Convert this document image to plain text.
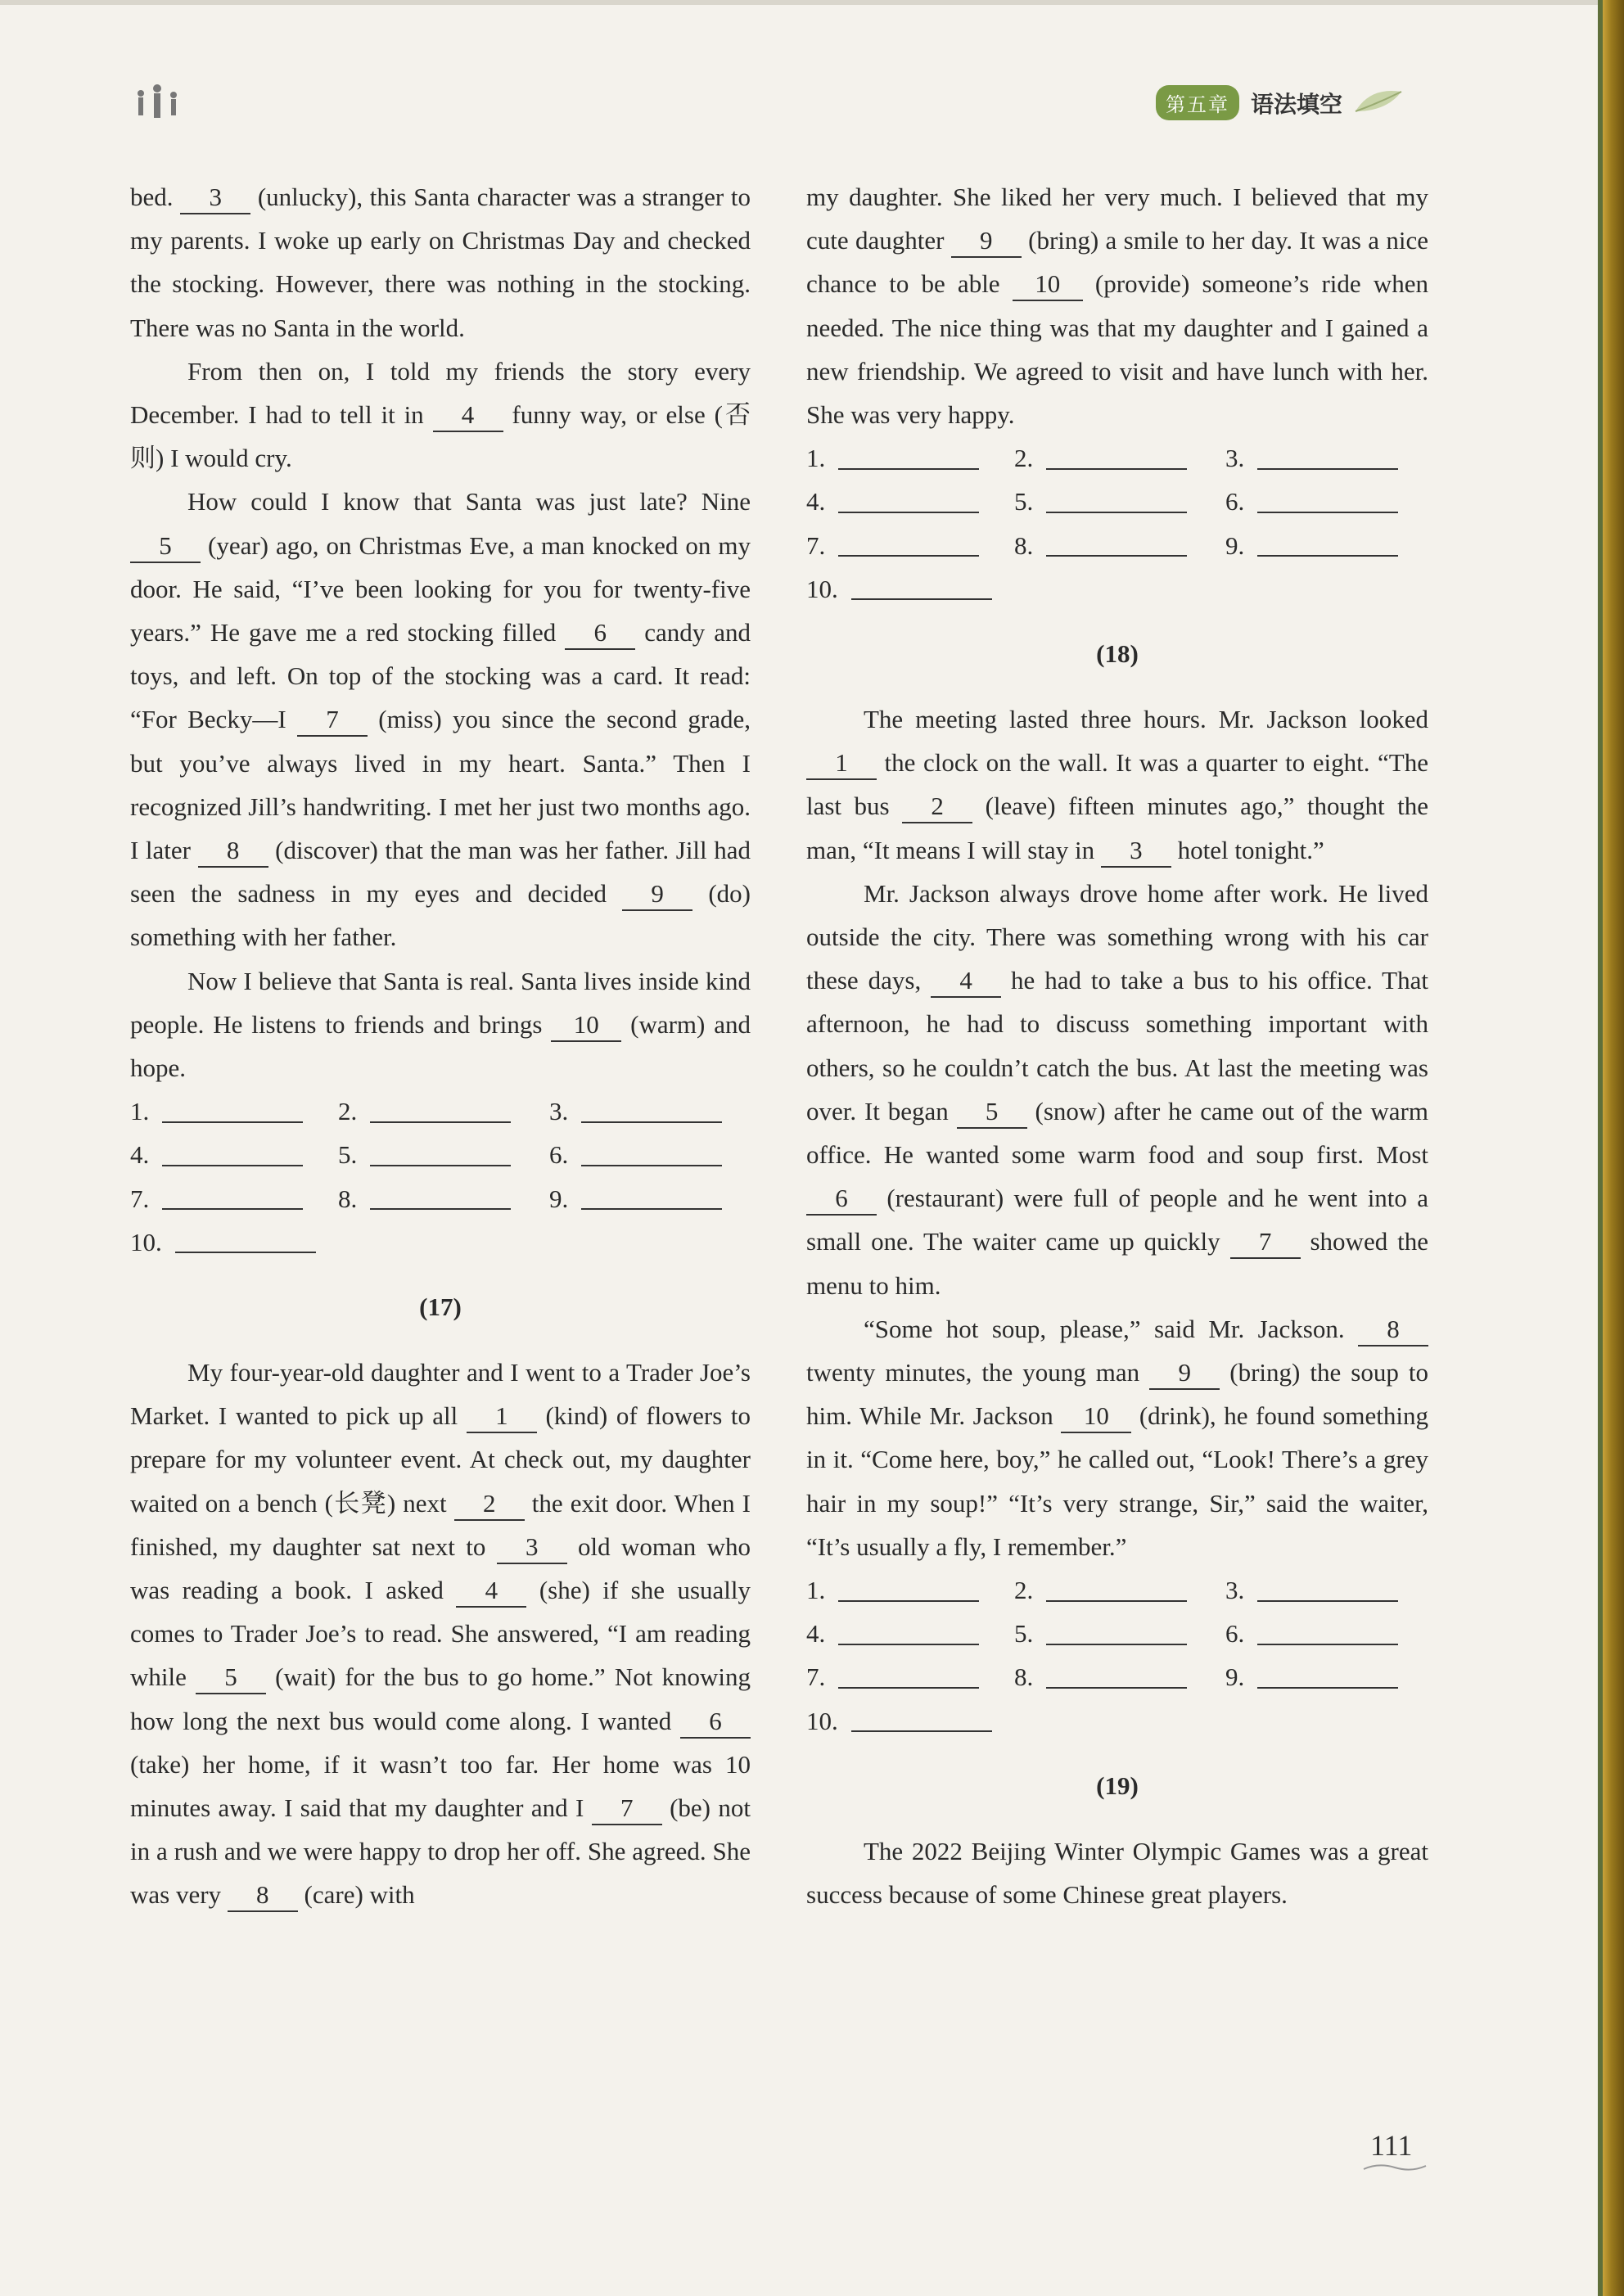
第五章 语法填空

bed. 3 (unlucky), this Santa character was a stranger to my parents. I woke up early on Christmas Day and checked the stocking. However, there was nothing in the stocking. There was no Santa in the world.

From then on, I told my friends the story every December. I had to tell it in 4 funny way, or else (否则) I would cry.

How could I know that Santa was just late? Nine 5 (year) ago, on Christmas Eve, a man knocked on my door. He said, “I’ve been looking for you for twenty-five years.” He gave me a red stocking filled 6 candy and toys, and left. On top of the stocking was a card. It read: “For Becky—I 7 (miss) you since the second grade, but you’ve always lived in my heart. Santa.” Then I recognized Jill’s handwriting. I met her just two months ago. I later 8 (discover) that the man was her father. Jill had seen the sadness in my eyes and decided 9 (do) something with her father.

Now I believe that Santa is real. Santa lives inside kind people. He listens to friends and brings 10 (warm) and hope.

1.	2.	3.
4.	5.	6.
7.	8.	9.
10.
(17)

My four-year-old daughter and I went to a Trader Joe’s Market. I wanted to pick up all 1 (kind) of flowers to prepare for my volunteer event. At check out, my daughter waited on a bench (长凳) next 2 the exit door. When I finished, my daughter sat next to 3 old woman who was reading a book. I asked 4 (she) if she usually comes to Trader Joe’s to read. She answered, “I am reading while 5 (wait) for the bus to go home.” Not knowing how long the next bus would come along. I wanted 6 (take) her home, if it wasn’t too far. Her home was 10 minutes away. I said that my daughter and I 7 (be) not in a rush and we were happy to drop her off. She agreed. She was very 8 (care) with

my daughter. She liked her very much. I believed that my cute daughter 9 (bring) a smile to her day. It was a nice chance to be able 10 (provide) someone’s ride when needed. The nice thing was that my daughter and I gained a new friendship. We agreed to visit and have lunch with her. She was very happy.

1.	2.	3.
4.	5.	6.
7.	8.	9.
10.
(18)

The meeting lasted three hours. Mr. Jackson looked 1 the clock on the wall. It was a quarter to eight. “The last bus 2 (leave) fifteen minutes ago,” thought the man, “It means I will stay in 3 hotel tonight.”

Mr. Jackson always drove home after work. He lived outside the city. There was something wrong with his car these days, 4 he had to take a bus to his office. That afternoon, he had to discuss something important with others, so he couldn’t catch the bus. At last the meeting was over. It began 5 (snow) after he came out of the warm office. He wanted some warm food and soup first. Most 6 (restaurant) were full of people and he went into a small one. The waiter came up quickly 7 showed the menu to him.

“Some hot soup, please,” said Mr. Jackson. 8 twenty minutes, the young man 9 (bring) the soup to him. While Mr. Jackson 10 (drink), he found something in it. “Come here, boy,” he called out, “Look! There’s a grey hair in my soup!” “It’s very strange, Sir,” said the waiter, “It’s usually a fly, I remember.”

1.	2.	3.
4.	5.	6.
7.	8.	9.
10.
(19)

The 2022 Beijing Winter Olympic Games was a great success because of some Chinese great players.

111
